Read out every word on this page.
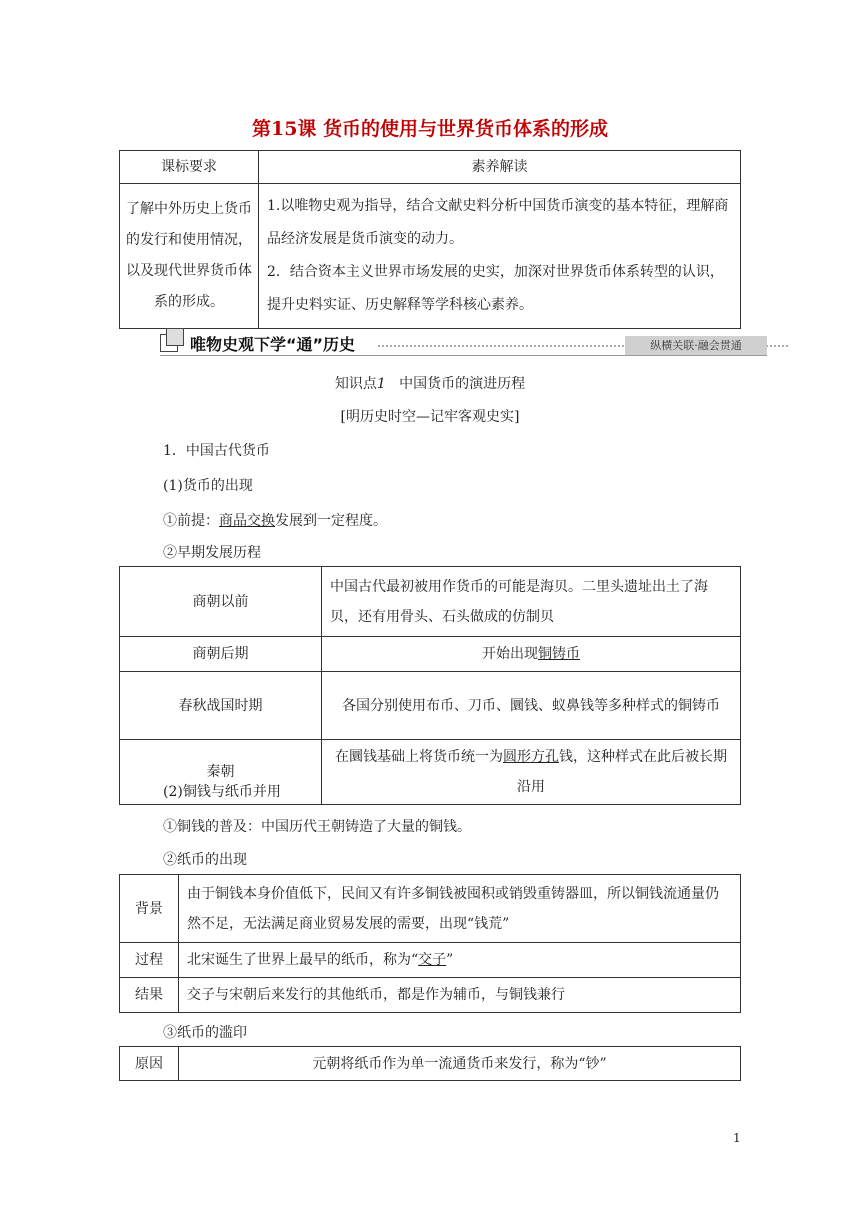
第15课 货币的使用与世界货币体系的形成
课标要求	素养解读
了解中外历史上货币的发行和使用情况，以及现代世界货币体系的形成。	1.以唯物史观为指导，结合文献史料分析中国货币演变的基本特征，理解商品经济发展是货币演变的动力。
2．结合资本主义世界市场发展的史实，加深对世界货币体系转型的认识，提升史料实证、历史解释等学科核心素养。
唯物史观下学“通”历史	纵横关联·融会贯通
知识点1 中国货币的演进历程
[明历史时空—记牢客观史实]
1．中国古代货币
(1)货币的出现
①前提：商品交换发展到一定程度。
②早期发展历程
商朝以前	中国古代最初被用作货币的可能是海贝。二里头遗址出土了海贝，还有用骨头、石头做成的仿制贝
商朝后期	开始出现铜铸币
春秋战国时期	各国分别使用布币、刀币、圜钱、蚁鼻钱等多种样式的铜铸币
秦朝	在圜钱基础上将货币统一为圆形方孔钱，这种样式在此后被长期沿用
(2)铜钱与纸币并用
①铜钱的普及：中国历代王朝铸造了大量的铜钱。
②纸币的出现
背景	由于铜钱本身价值低下，民间又有许多铜钱被囤积或销毁重铸器皿，所以铜钱流通量仍然不足，无法满足商业贸易发展的需要，出现“钱荒”
过程	北宋诞生了世界上最早的纸币，称为“交子”
结果	交子与宋朝后来发行的其他纸币，都是作为辅币，与铜钱兼行
③纸币的滥印
原因	元朝将纸币作为单一流通货币来发行，称为“钞”
1
